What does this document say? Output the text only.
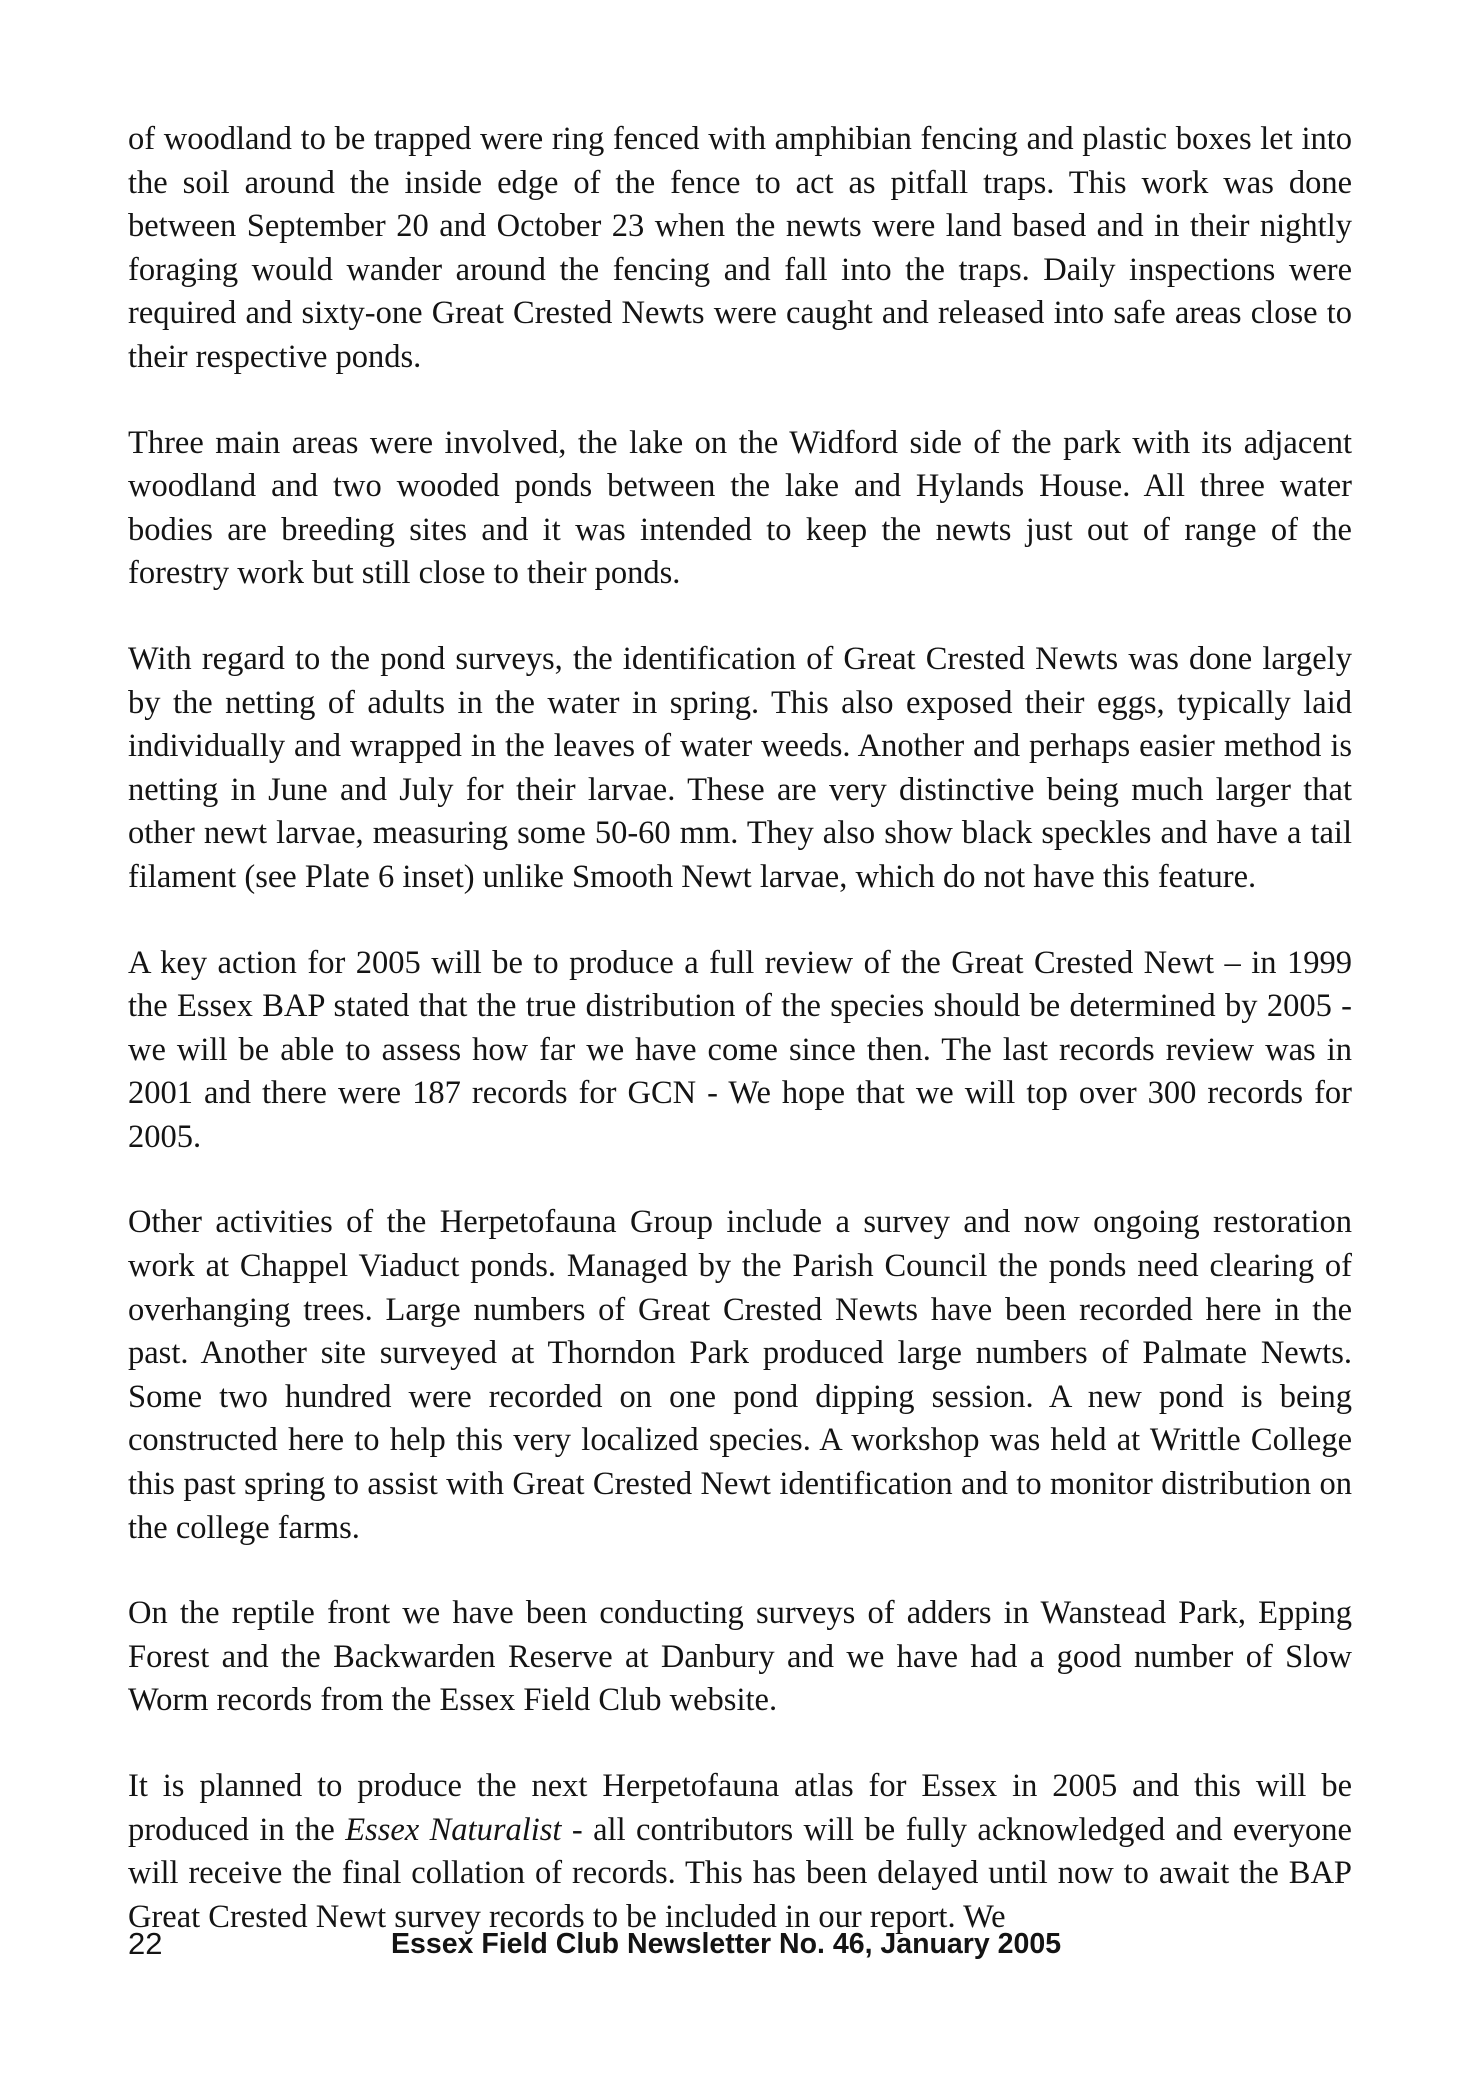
of woodland to be trapped were ring fenced with amphibian fencing and plastic boxes let into the soil around the inside edge of the fence to act as pitfall traps. This work was done between September 20 and October 23 when the newts were land based and in their nightly foraging would wander around the fencing and fall into the traps. Daily inspections were required and sixty-one Great Crested Newts were caught and released into safe areas close to their respective ponds.

Three main areas were involved, the lake on the Widford side of the park with its adjacent woodland and two wooded ponds between the lake and Hylands House. All three water bodies are breeding sites and it was intended to keep the newts just out of range of the forestry work but still close to their ponds.

With regard to the pond surveys, the identification of Great Crested Newts was done largely by the netting of adults in the water in spring. This also exposed their eggs, typically laid individually and wrapped in the leaves of water weeds. Another and perhaps easier method is netting in June and July for their larvae. These are very distinctive being much larger that other newt larvae, measuring some 50-60 mm. They also show black speckles and have a tail filament (see Plate 6 inset) unlike Smooth Newt larvae, which do not have this feature.

A key action for 2005 will be to produce a full review of the Great Crested Newt – in 1999 the Essex BAP stated that the true distribution of the species should be determined by 2005 - we will be able to assess how far we have come since then. The last records review was in 2001 and there were 187 records for GCN - We hope that we will top over 300 records for 2005.

Other activities of the Herpetofauna Group include a survey and now ongoing restoration work at Chappel Viaduct ponds. Managed by the Parish Council the ponds need clearing of overhanging trees. Large numbers of Great Crested Newts have been recorded here in the past. Another site surveyed at Thorndon Park produced large numbers of Palmate Newts. Some two hundred were recorded on one pond dipping session. A new pond is being constructed here to help this very localized species. A workshop was held at Writtle College this past spring to assist with Great Crested Newt identification and to monitor distribution on the college farms.

On the reptile front we have been conducting surveys of adders in Wanstead Park, Epping Forest and the Backwarden Reserve at Danbury and we have had a good number of Slow Worm records from the Essex Field Club website.

It is planned to produce the next Herpetofauna atlas for Essex in 2005 and this will be produced in the Essex Naturalist - all contributors will be fully acknowledged and everyone will receive the final collation of records. This has been delayed until now to await the BAP Great Crested Newt survey records to be included in our report. We

22	Essex Field Club Newsletter No. 46, January 2005
